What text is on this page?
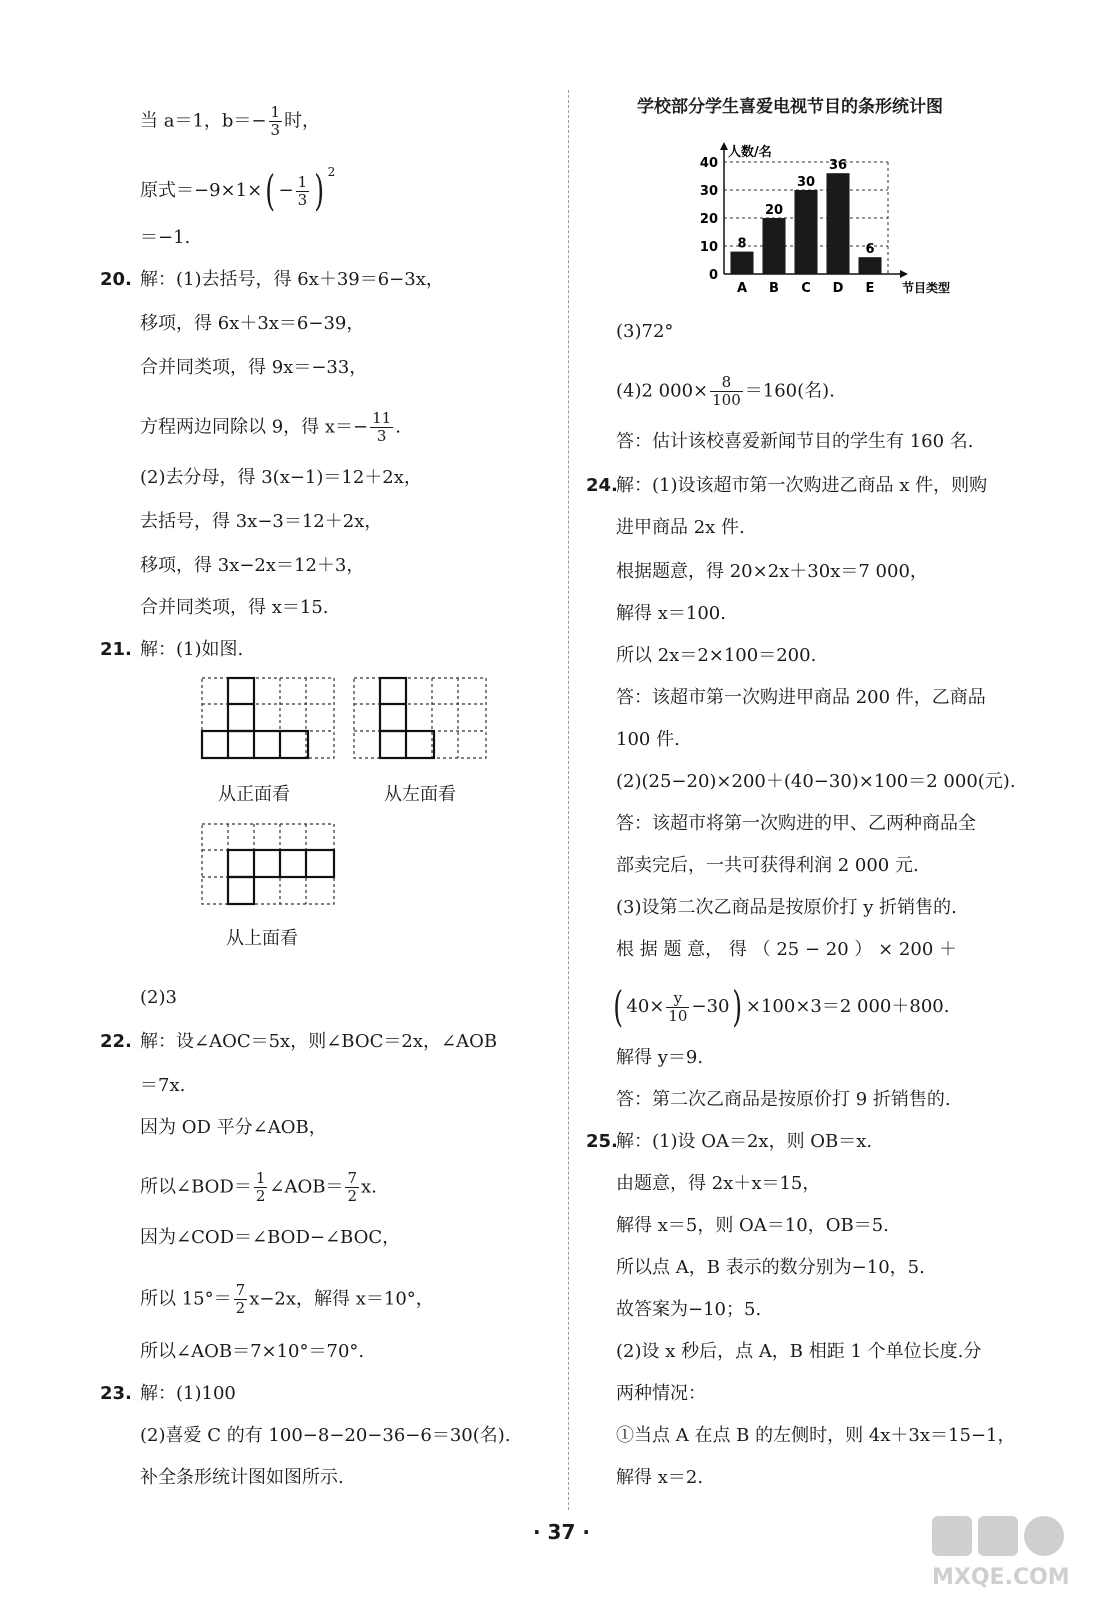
当 a＝1，$b=- \frac{1}{3}$ 时，
原式$=-9\times 1\times( - \frac{1}{3}$ ) $^2$
＝−1.
20. 解：(1)去括号，得 6x＋39＝6−3x，
移项，得 6x＋3x＝6−39，
合并同类项，得 9x＝−33，
方程两边同除以 9，得 $x=- \frac{11}{3}$ .
(2)去分母，得 3(x−1)＝12＋2x，
去括号，得 3x−3＝12＋2x，
移项，得 3x−2x＝12＋3，
合并同类项，得 x＝15.
21. 解：(1)如图.
从正面看	从左面看
从上面看
(2)3
22. 解：设∠AOC＝5x，则∠BOC＝2x，∠AOB
＝7x.
因为 OD 平分∠AOB，
所以∠BOD＝ $\frac{1}{2}$ ∠AOB＝ $\frac{7}{2} x$.
因为∠COD＝∠BOD−∠BOC，
所以 $15^\circ= \frac{7}{2} x-2x$，解得 x＝10°，
所以∠AOB＝7×10°＝70°.
23. 解：(1)100
(2)喜爱 C 的有 100−8−20−36−6＝30(名).
补全条形统计图如图所示.
学校部分学生喜爱电视节目的条形统计图
0
10
20
30
40
人数/名
节目类型
8
A
20
B
30
C
36
D
6
E
(3)72°
(4)2 $000\times \frac{8}{100} =160$(名).
答：估计该校喜爱新闻节目的学生有 160 名.
24.
解：(1)设该超市第一次购进乙商品 x 件，则购
进甲商品 2x 件.
根据题意，得 20×2x＋30x＝7 000，
解得 x＝100.
所以 2x＝2×100＝200.
答：该超市第一次购进甲商品 200 件，乙商品
100 件.
(2)(25−20)×200＋(40−30)×100＝2 000(元).
答：该超市将第一次购进的甲、乙两种商品全
部卖完后，一共可获得利润 2 000 元.
(3)设第二次乙商品是按原价打 y 折销售的.
根 据 题 意， 得 （ 25 − 20 ） × 200 ＋
( $40\times \frac{y}{10} -30) \times 100\times 3=2$ 000＋800.
解得 y＝9.
答：第二次乙商品是按原价打 9 折销售的.
25.
解：(1)设 OA＝2x，则 OB＝x.
由题意，得 2x＋x＝15，
解得 x＝5，则 OA＝10，OB＝5.
所以点 A，B 表示的数分别为−10，5.
故答案为−10；5.
(2)设 x 秒后，点 A，B 相距 1 个单位长度.分
两种情况：
①当点 A 在点 B 的左侧时，则 4x＋3x＝15−1，
解得 x＝2.
· 37 ·
MXQE.COM
